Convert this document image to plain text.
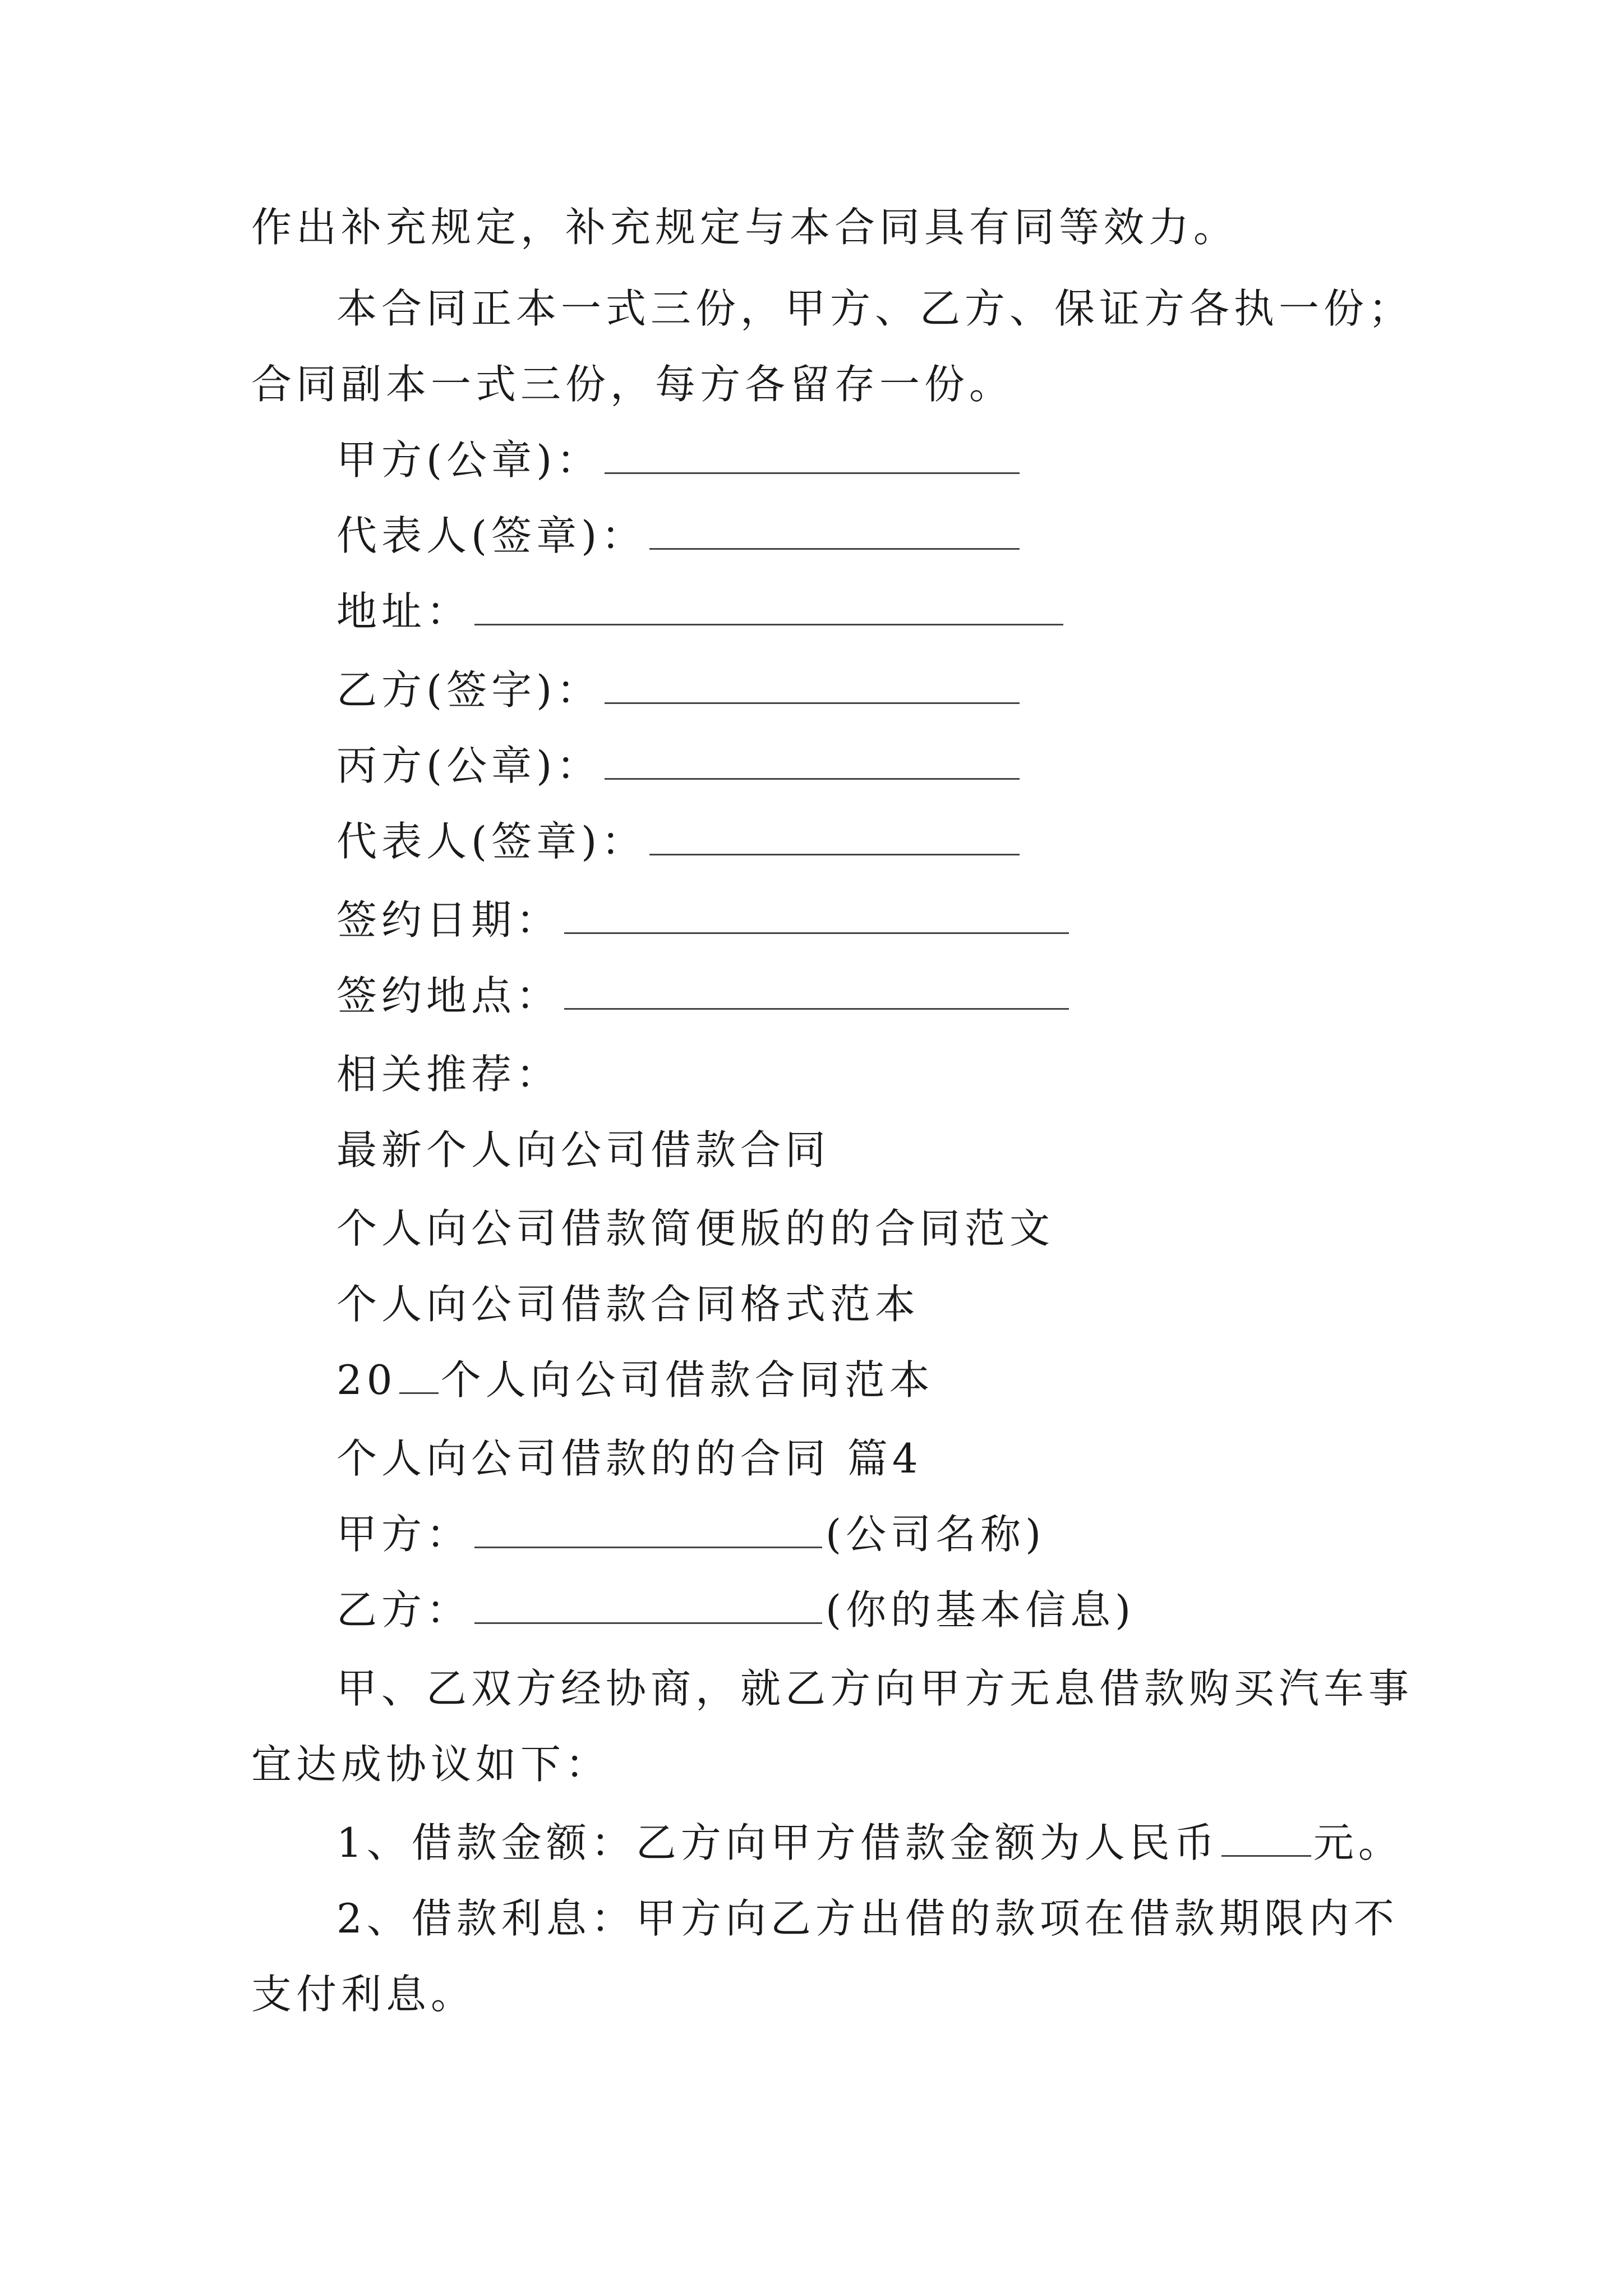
作出补充规定，补充规定与本合同具有同等效力。
本合同正本一式三份，甲方、乙方、保证方各执一份；
合同副本一式三份，每方各留存一份。
甲方(公章)：
代表人(签章)：
地址：
乙方(签字)：
丙方(公章)：
代表人(签章)：
签约日期：
签约地点：
相关推荐：
最新个人向公司借款合同
个人向公司借款简便版的的合同范文
个人向公司借款合同格式范本
20 个人向公司借款合同范本
个人向公司借款的的合同 篇4
甲方：	(公司名称)
乙方：	(你的基本信息)
甲、乙双方经协商，就乙方向甲方无息借款购买汽车事
宜达成协议如下：
1、借款金额：乙方向甲方借款金额为人民币 元。
2、借款利息：甲方向乙方出借的款项在借款期限内不
支付利息。
